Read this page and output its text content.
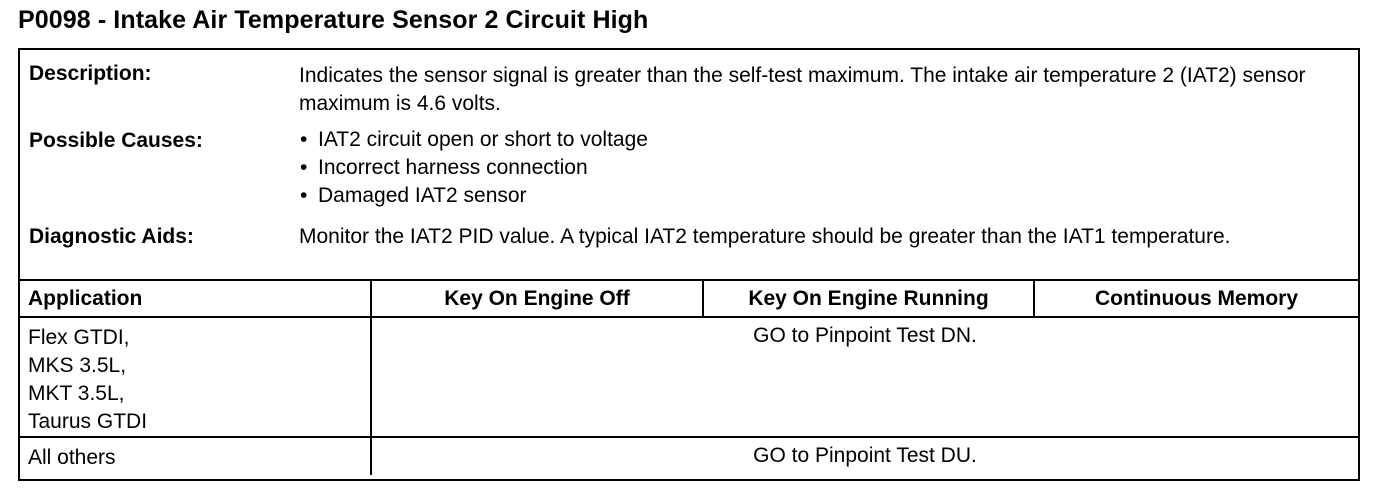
P0098 - Intake Air Temperature Sensor 2 Circuit High
Description:	Indicates the sensor signal is greater than the self-test maximum. The intake air temperature 2 (IAT2) sensor maximum is 4.6 volts.
Possible Causes:	• IAT2 circuit open or short to voltage
• Incorrect harness connection
• Damaged IAT2 sensor
Diagnostic Aids:	Monitor the IAT2 PID value. A typical IAT2 temperature should be greater than the IAT1 temperature.
Application	Key On Engine Off	Key On Engine Running	Continuous Memory

Flex GTDI,
MKS 3.5L,
MKT 3.5L,
Taurus GTDI	GO to Pinpoint Test DN.		

All others	GO to Pinpoint Test DU.		
